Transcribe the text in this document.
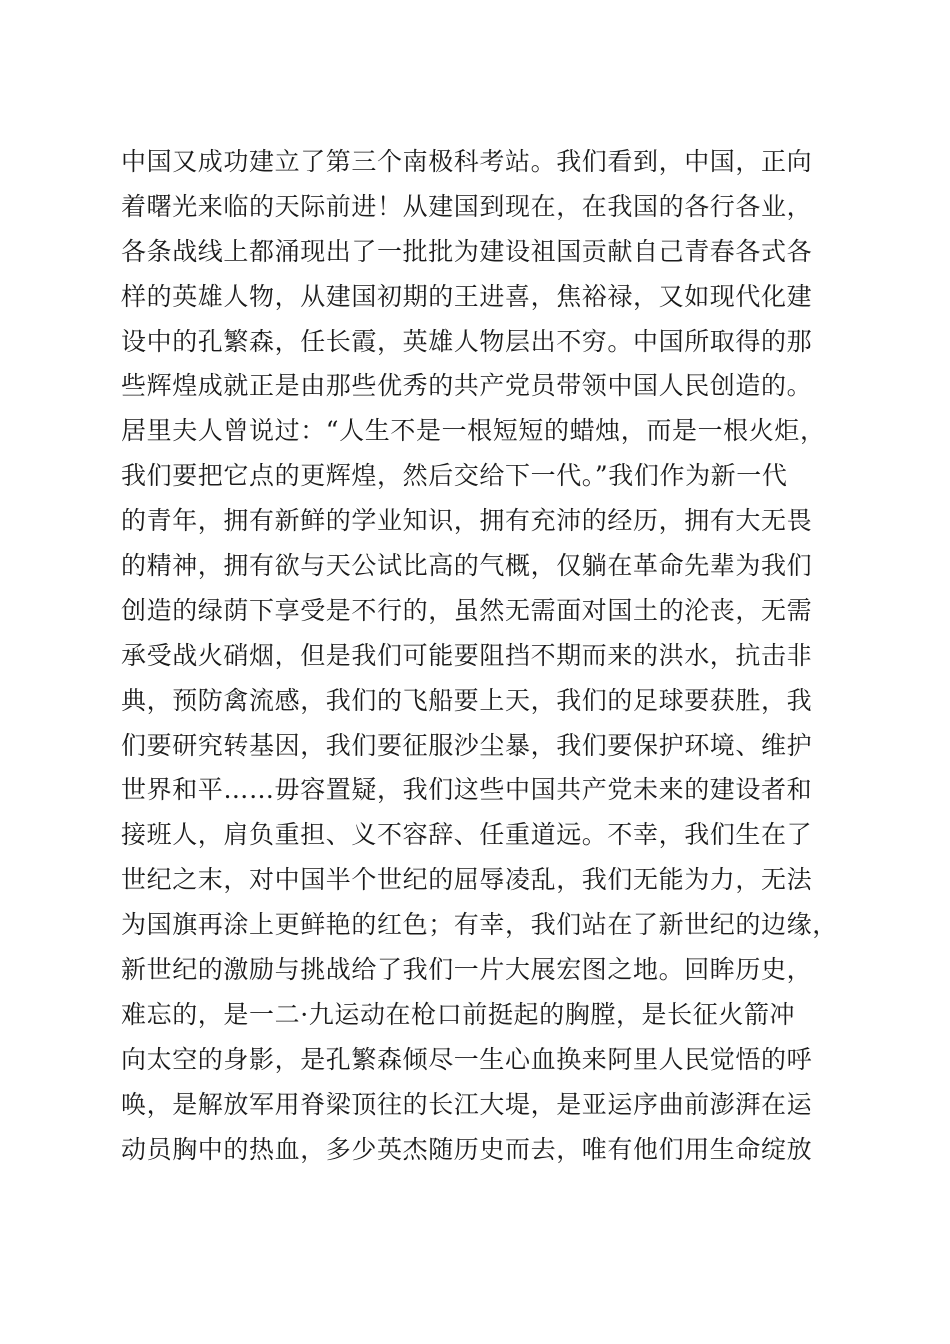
中国又成功建立了第三个南极科考站。我们看到，中国，正向
着曙光来临的天际前进！从建国到现在，在我国的各行各业，
各条战线上都涌现出了一批批为建设祖国贡献自己青春各式各
样的英雄人物，从建国初期的王进喜，焦裕禄，又如现代化建
设中的孔繁森，任长霞，英雄人物层出不穷。中国所取得的那
些辉煌成就正是由那些优秀的共产党员带领中国人民创造的。
居里夫人曾说过：“人生不是一根短短的蜡烛，而是一根火炬，
我们要把它点的更辉煌，然后交给下一代。”我们作为新一代
的青年，拥有新鲜的学业知识，拥有充沛的经历，拥有大无畏
的精神，拥有欲与天公试比高的气概，仅躺在革命先辈为我们
创造的绿荫下享受是不行的，虽然无需面对国土的沦丧，无需
承受战火硝烟，但是我们可能要阻挡不期而来的洪水，抗击非
典，预防禽流感，我们的飞船要上天，我们的足球要获胜，我
们要研究转基因，我们要征服沙尘暴，我们要保护环境、维护
世界和平……毋容置疑，我们这些中国共产党未来的建设者和
接班人，肩负重担、义不容辞、任重道远。不幸，我们生在了
世纪之末，对中国半个世纪的屈辱凌乱，我们无能为力，无法
为国旗再涂上更鲜艳的红色；有幸，我们站在了新世纪的边缘，
新世纪的激励与挑战给了我们一片大展宏图之地。回眸历史，
难忘的，是一二·九运动在枪口前挺起的胸膛，是长征火箭冲
向太空的身影，是孔繁森倾尽一生心血换来阿里人民觉悟的呼
唤，是解放军用脊梁顶往的长江大堤，是亚运序曲前澎湃在运
动员胸中的热血，多少英杰随历史而去，唯有他们用生命绽放
